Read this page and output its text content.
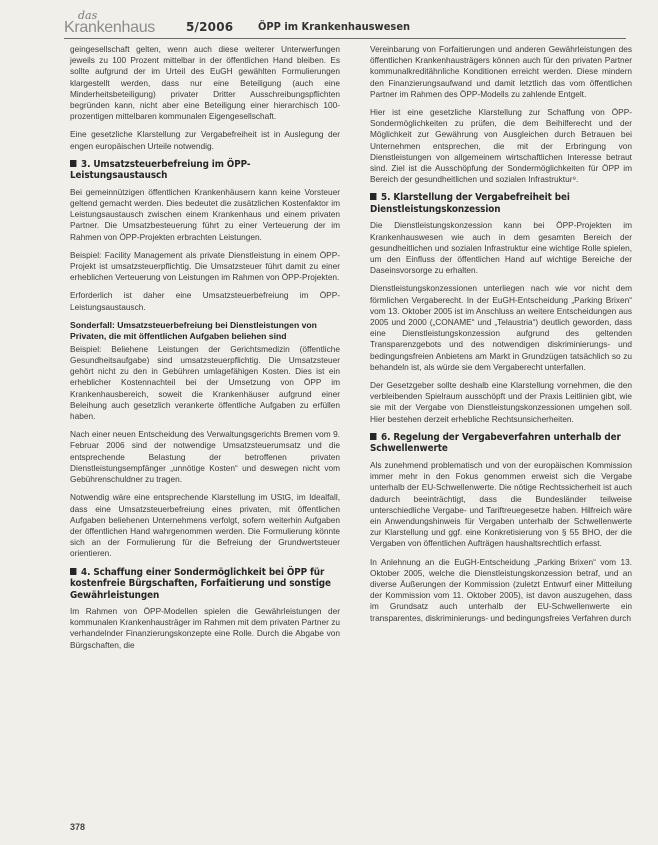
das
Krankenhaus	5/2006 ÖPP im Krankenhauswesen

geingesellschaft gelten, wenn auch diese weiterer Unterwerfungen jeweils zu 100 Prozent mittelbar in der öffentlichen Hand bleiben. Es sollte aufgrund der im Urteil des EuGH gewählten Formulierungen klargestellt werden, dass nur eine Beteiligung (auch eine Minderheitsbeteiligung) privater Dritter Ausschreibungspflichten begründen kann, nicht aber eine Beteiligung einer hierarchisch 100-prozentigen mittelbaren kommunalen Eigengesellschaft.

Eine gesetzliche Klarstellung zur Vergabefreiheit ist in Auslegung der engen europäischen Urteile notwendig.

3. Umsatzsteuerbefreiung im ÖPP-Leistungsaustausch

Bei gemeinnützigen öffentlichen Krankenhäusern kann keine Vorsteuer geltend gemacht werden. Dies bedeutet die zusätzlichen Kostenfaktor im Leistungsaustausch zwischen einem Krankenhaus und einem privaten Partner. Die Umsatzbesteuerung führt zu einer Verteuerung der im Rahmen von ÖPP-Projekten erbrachten Leistungen.

Beispiel: Facility Management als private Dienstleistung in einem ÖPP-Projekt ist umsatzsteuerpflichtig. Die Umsatzsteuer führt damit zu einer erheblichen Verteuerung von Leistungen im Rahmen von ÖPP-Projekten.

Erforderlich ist daher eine Umsatzsteuerbefreiung im ÖPP-Leistungsaustausch.

Sonderfall: Umsatzsteuerbefreiung bei Dienstleistungen von Privaten, die mit öffentlichen Aufgaben beliehen sind

Beispiel: Beliehene Leistungen der Gerichtsmedizin (öffentliche Gesundheitsaufgabe) sind umsatzsteuerpflichtig. Die Umsatzsteuer gehört nicht zu den in Gebühren umlagefähigen Kosten. Dies ist ein erheblicher Kostennachteil bei der Umsetzung von ÖPP im Krankenhausbereich, soweit die Krankenhäuser aufgrund einer Beleihung auch gesetzlich verankerte öffentliche Aufgaben zu erfüllen haben.

Nach einer neuen Entscheidung des Verwaltungsgerichts Bremen vom 9. Februar 2006 sind der notwendige Umsatzsteuerumsatz und die entsprechende Belastung der betroffenen privaten Dienstleistungsempfänger „unnötige Kosten“ und deswegen nicht vom Gebührenschuldner zu tragen.

Notwendig wäre eine entsprechende Klarstellung im UStG, im Idealfall, dass eine Umsatzsteuerbefreiung eines privaten, mit öffentlichen Aufgaben beliehenen Unternehmens verfolgt, sofern weiterhin Aufgaben der öffentlichen Hand wahrgenommen werden. Die Formulierung könnte sich an der Formulierung für die Befreiung der Grundwertsteuer orientieren.

4. Schaffung einer Sondermöglichkeit bei ÖPP für kostenfreie Bürgschaften, Forfaitierung und sonstige Gewährleistungen

Im Rahmen von ÖPP-Modellen spielen die Gewährleistungen der kommunalen Krankenhausträger im Rahmen mit dem privaten Partner zu verhandelnder Finanzierungskonzepte eine Rolle. Durch die Abgabe von Bürgschaften, die

Vereinbarung von Forfaitierungen und anderen Gewährleistungen des öffentlichen Krankenhausträgers können auch für den privaten Partner kommunalkreditähnliche Konditionen erreicht werden. Diese mindern den Finanzierungsaufwand und damit letztlich das vom öffentlichen Partner im Rahmen des ÖPP-Modells zu zahlende Entgelt.

Hier ist eine gesetzliche Klarstellung zur Schaffung von ÖPP-Sondermöglichkeiten zu prüfen, die dem Beihilferecht und der Möglichkeit zur Gewährung von Ausgleichen durch Betrauen bei Unternehmen entsprechen, die mit der Erbringung von Dienstleistungen von allgemeinem wirtschaftlichen Interesse betraut sind. Ziel ist die Ausschöpfung der Sondermöglichkeiten für ÖPP im Bereich der gesundheitlichen und sozialen Infrastruktur⁹.

5. Klarstellung der Vergabefreiheit bei Dienstleistungskonzession

Die Dienstleistungskonzession kann bei ÖPP-Projekten im Krankenhauswesen wie auch in dem gesamten Bereich der gesundheitlichen und sozialen Infrastruktur eine wichtige Rolle spielen, um den Einfluss der öffentlichen Hand auf wichtige Bereiche der Daseinsvorsorge zu erhalten.

Dienstleistungskonzessionen unterliegen nach wie vor nicht dem förmlichen Vergaberecht. In der EuGH-Entscheidung „Parking Brixen“ vom 13. Oktober 2005 ist im Anschluss an weitere Entscheidungen aus 2005 und 2000 („CONAME“ und „Telaustria“) deutlich geworden, dass eine Dienstleistungskonzession aufgrund des geltenden Transparenzgebots und des notwendigen diskriminierungs- und bedingungsfreien Anbietens am Markt in Grundzügen tatsächlich so zu behandeln ist, als würde sie dem Vergaberecht unterfallen.

Der Gesetzgeber sollte deshalb eine Klarstellung vornehmen, die den verbleibenden Spielraum ausschöpft und der Praxis Leitlinien gibt, wie sie mit der Vergabe von Dienstleistungskonzessionen umgehen soll. Hier bestehen derzeit erhebliche Rechtsunsicherheiten.

6. Regelung der Vergabeverfahren unterhalb der Schwellenwerte

Als zunehmend problematisch und von der europäischen Kommission immer mehr in den Fokus genommen erweist sich die Vergabe unterhalb der EU-Schwellenwerte. Die nötige Rechtssicherheit ist auch dadurch beeinträchtigt, dass die Bundesländer teilweise unterschiedliche Vergabe- und Tariftreuegesetze haben. Hilfreich wäre ein Anwendungshinweis für Vergaben unterhalb der Schwellenwerte zur Klarstellung und ggf. eine Konkretisierung von § 55 BHO, der die Vergaben von öffentlichen Aufträgen haushaltsrechtlich erfasst.

In Anlehnung an die EuGH-Entscheidung „Parking Brixen“ vom 13. Oktober 2005, welche die Dienstleistungskonzession betraf, und an diverse Äußerungen der Kommission (zuletzt Entwurf einer Mitteilung der Kommission vom 11. Oktober 2005), ist davon auszugehen, dass im Grundsatz auch unterhalb der EU-Schwellenwerte ein transparentes, diskriminierungs- und bedingungsfreies Verfahren durch

378
